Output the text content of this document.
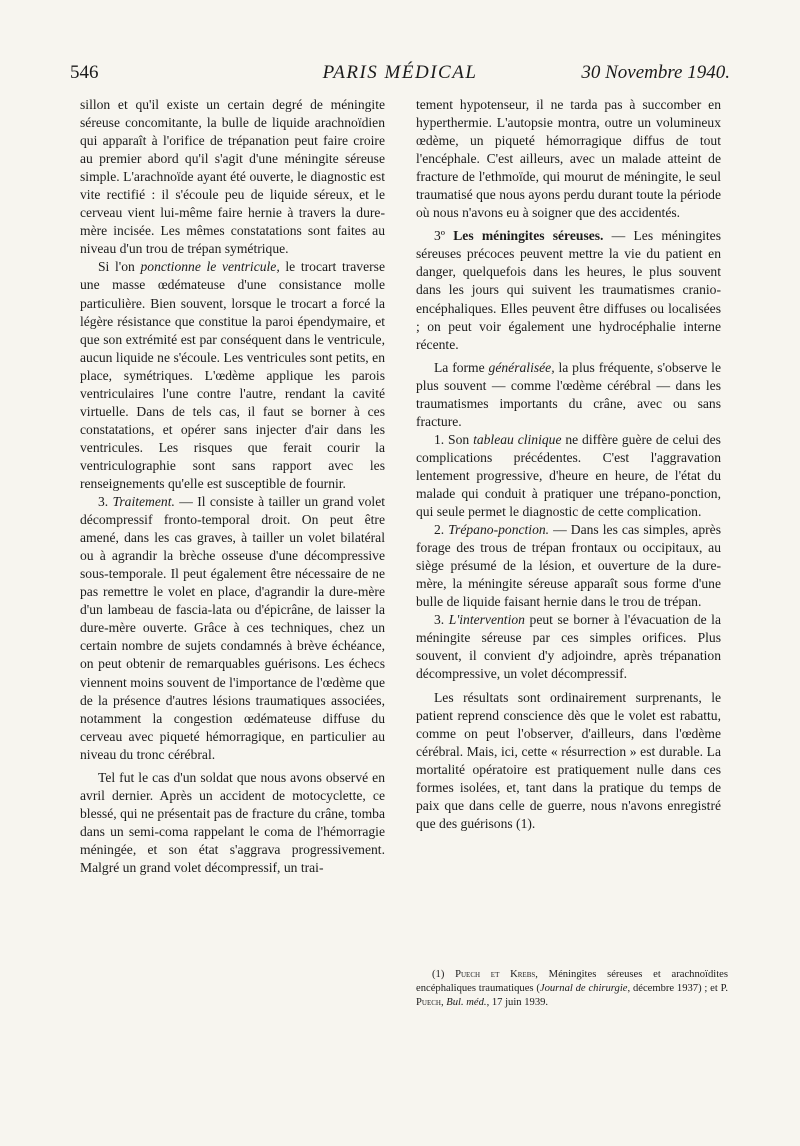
546	PARIS MÉDICAL	30 Novembre 1940.

sillon et qu'il existe un certain degré de méningite séreuse concomitante, la bulle de liquide arachnoïdien qui apparaît à l'orifice de trépanation peut faire croire au premier abord qu'il s'agit d'une méningite séreuse simple. L'arachnoïde ayant été ouverte, le diagnostic est vite rectifié : il s'écoule peu de liquide séreux, et le cerveau vient lui-même faire hernie à travers la dure-mère incisée. Les mêmes constatations sont faites au niveau d'un trou de trépan symétrique.

Si l'on ponctionne le ventricule, le trocart traverse une masse œdémateuse d'une consistance molle particulière. Bien souvent, lorsque le trocart a forcé la légère résistance que constitue la paroi épendymaire, et que son extrémité est par conséquent dans le ventricule, aucun liquide ne s'écoule. Les ventricules sont petits, en place, symétriques. L'œdème applique les parois ventriculaires l'une contre l'autre, rendant la cavité virtuelle. Dans de tels cas, il faut se borner à ces constatations, et opérer sans injecter d'air dans les ventricules. Les risques que ferait courir la ventriculographie sont sans rapport avec les renseignements qu'elle est susceptible de fournir.

3. Traitement. — Il consiste à tailler un grand volet décompressif fronto-temporal droit. On peut être amené, dans les cas graves, à tailler un volet bilatéral ou à agrandir la brèche osseuse d'une décompressive sous-temporale. Il peut également être nécessaire de ne pas remettre le volet en place, d'agrandir la dure-mère d'un lambeau de fascia-lata ou d'épicrâne, de laisser la dure-mère ouverte. Grâce à ces techniques, chez un certain nombre de sujets condamnés à brève échéance, on peut obtenir de remarquables guérisons. Les échecs viennent moins souvent de l'importance de l'œdème que de la présence d'autres lésions traumatiques associées, notamment la congestion œdémateuse diffuse du cerveau avec piqueté hémorragique, en particulier au niveau du tronc cérébral.

Tel fut le cas d'un soldat que nous avons observé en avril dernier. Après un accident de motocyclette, ce blessé, qui ne présentait pas de fracture du crâne, tomba dans un semi-coma rappelant le coma de l'hémorragie méningée, et son état s'aggrava progressivement. Malgré un grand volet décompressif, un trai-

tement hypotenseur, il ne tarda pas à succomber en hyperthermie. L'autopsie montra, outre un volumineux œdème, un piqueté hémorragique diffus de tout l'encéphale. C'est ailleurs, avec un malade atteint de fracture de l'ethmoïde, qui mourut de méningite, le seul traumatisé que nous ayons perdu durant toute la période où nous n'avons eu à soigner que des accidentés.

3º Les méningites séreuses. — Les méningites séreuses précoces peuvent mettre la vie du patient en danger, quelquefois dans les heures, le plus souvent dans les jours qui suivent les traumatismes cranio-encéphaliques. Elles peuvent être diffuses ou localisées ; on peut voir également une hydrocéphalie interne récente.

La forme généralisée, la plus fréquente, s'observe le plus souvent — comme l'œdème cérébral — dans les traumatismes importants du crâne, avec ou sans fracture.

1. Son tableau clinique ne diffère guère de celui des complications précédentes. C'est l'aggravation lentement progressive, d'heure en heure, de l'état du malade qui conduit à pratiquer une trépano-ponction, qui seule permet le diagnostic de cette complication.

2. Trépano-ponction. — Dans les cas simples, après forage des trous de trépan frontaux ou occipitaux, au siège présumé de la lésion, et ouverture de la dure-mère, la méningite séreuse apparaît sous forme d'une bulle de liquide faisant hernie dans le trou de trépan.

3. L'intervention peut se borner à l'évacuation de la méningite séreuse par ces simples orifices. Plus souvent, il convient d'y adjoindre, après trépanation décompressive, un volet décompressif.

Les résultats sont ordinairement surprenants, le patient reprend conscience dès que le volet est rabattu, comme on peut l'observer, d'ailleurs, dans l'œdème cérébral. Mais, ici, cette « résurrection » est durable. La mortalité opératoire est pratiquement nulle dans ces formes isolées, et, tant dans la pratique du temps de paix que dans celle de guerre, nous n'avons enregistré que des guérisons (1).

(1) Puech et Krebs, Méningites séreuses et arachnoïdites encéphaliques traumatiques (Journal de chirurgie, décembre 1937) ; et P. Puech, Bul. méd., 17 juin 1939.
